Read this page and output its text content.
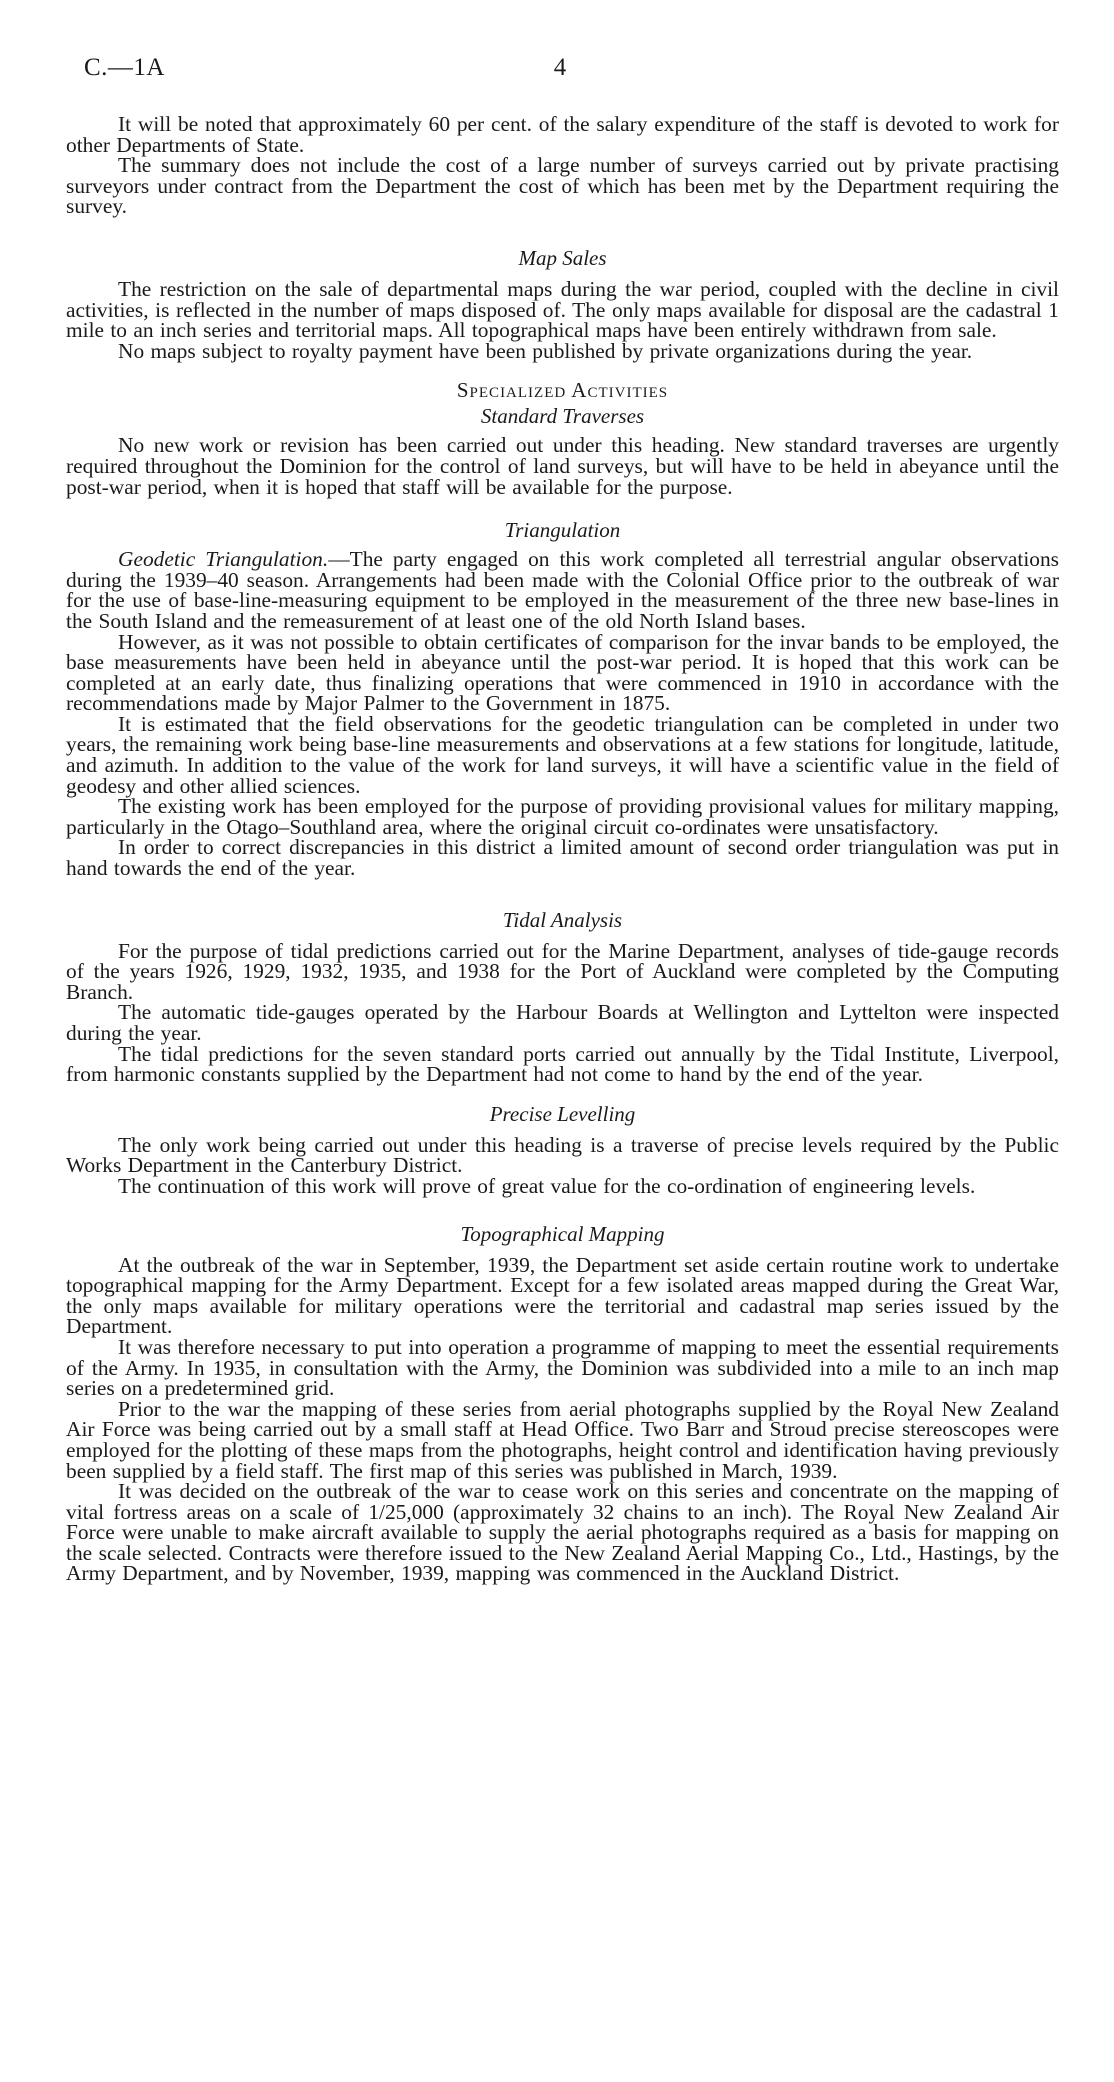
C.—1A	4

It will be noted that approximately 60 per cent. of the salary expenditure of the staff is devoted to work for other Departments of State.

The summary does not include the cost of a large number of surveys carried out by private practising surveyors under contract from the Department the cost of which has been met by the Department requiring the survey.

Map Sales

The restriction on the sale of departmental maps during the war period, coupled with the decline in civil activities, is reflected in the number of maps disposed of. The only maps available for disposal are the cadastral 1 mile to an inch series and territorial maps. All topographical maps have been entirely withdrawn from sale.

No maps subject to royalty payment have been published by private organizations during the year.

Specialized Activities
Standard Traverses

No new work or revision has been carried out under this heading. New standard traverses are urgently required throughout the Dominion for the control of land surveys, but will have to be held in abeyance until the post-war period, when it is hoped that staff will be available for the purpose.

Triangulation

Geodetic Triangulation.—The party engaged on this work completed all terrestrial angular observations during the 1939–40 season. Arrangements had been made with the Colonial Office prior to the outbreak of war for the use of base-line-measuring equipment to be employed in the measurement of the three new base-lines in the South Island and the remeasurement of at least one of the old North Island bases.

However, as it was not possible to obtain certificates of comparison for the invar bands to be employed, the base measurements have been held in abeyance until the post-war period. It is hoped that this work can be completed at an early date, thus finalizing operations that were commenced in 1910 in accordance with the recommendations made by Major Palmer to the Government in 1875.

It is estimated that the field observations for the geodetic triangulation can be completed in under two years, the remaining work being base-line measurements and observations at a few stations for longitude, latitude, and azimuth. In addition to the value of the work for land surveys, it will have a scientific value in the field of geodesy and other allied sciences.

The existing work has been employed for the purpose of providing provisional values for military mapping, particularly in the Otago–Southland area, where the original circuit co-ordinates were unsatisfactory.

In order to correct discrepancies in this district a limited amount of second order triangulation was put in hand towards the end of the year.

Tidal Analysis

For the purpose of tidal predictions carried out for the Marine Department, analyses of tide-gauge records of the years 1926, 1929, 1932, 1935, and 1938 for the Port of Auckland were completed by the Computing Branch.

The automatic tide-gauges operated by the Harbour Boards at Wellington and Lyttelton were inspected during the year.

The tidal predictions for the seven standard ports carried out annually by the Tidal Institute, Liverpool, from harmonic constants supplied by the Department had not come to hand by the end of the year.

Precise Levelling

The only work being carried out under this heading is a traverse of precise levels required by the Public Works Department in the Canterbury District.

The continuation of this work will prove of great value for the co-ordination of engineering levels.

Topographical Mapping

At the outbreak of the war in September, 1939, the Department set aside certain routine work to undertake topographical mapping for the Army Department. Except for a few isolated areas mapped during the Great War, the only maps available for military operations were the territorial and cadastral map series issued by the Department.

It was therefore necessary to put into operation a programme of mapping to meet the essential requirements of the Army. In 1935, in consultation with the Army, the Dominion was subdivided into a mile to an inch map series on a predetermined grid.

Prior to the war the mapping of these series from aerial photographs supplied by the Royal New Zealand Air Force was being carried out by a small staff at Head Office. Two Barr and Stroud precise stereoscopes were employed for the plotting of these maps from the photographs, height control and identification having previously been supplied by a field staff. The first map of this series was published in March, 1939.

It was decided on the outbreak of the war to cease work on this series and concentrate on the mapping of vital fortress areas on a scale of 1/25,000 (approximately 32 chains to an inch). The Royal New Zealand Air Force were unable to make aircraft available to supply the aerial photographs required as a basis for mapping on the scale selected. Contracts were therefore issued to the New Zealand Aerial Mapping Co., Ltd., Hastings, by the Army Department, and by November, 1939, mapping was commenced in the Auckland District.
